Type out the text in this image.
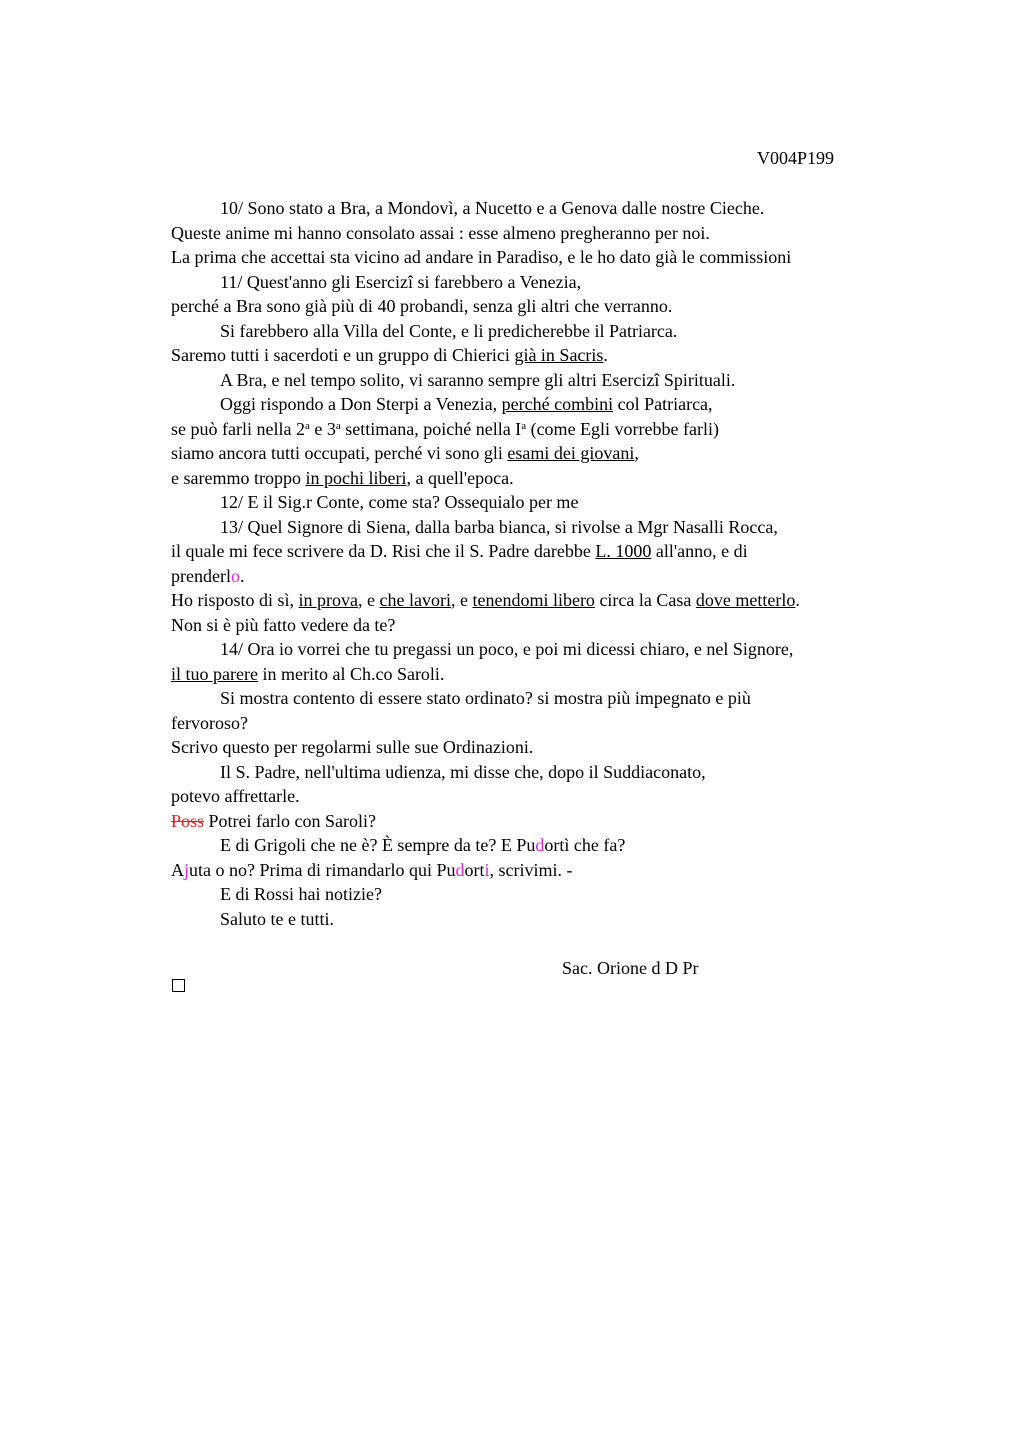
V004P199
10/ Sono stato a Bra, a Mondovì, a Nucetto e a Genova dalle nostre Cieche.
Queste anime mi hanno consolato assai : esse almeno pregheranno per noi.
La prima che accettai sta vicino ad andare in Paradiso, e le ho dato già le commissioni
11/ Quest'anno gli Esercizî si farebbero a Venezia,
perché a Bra sono già più di 40 probandi, senza gli altri che verranno.
Si farebbero alla Villa del Conte, e li predicherebbe il Patriarca.
Saremo tutti i sacerdoti e un gruppo di Chierici già in Sacris.
A Bra, e nel tempo solito, vi saranno sempre gli altri Esercizî Spirituali.
Oggi rispondo a Don Sterpi a Venezia, perché combini col Patriarca,
se può farli nella 2$^a$ e 3$^a$ settimana, poiché nella $I^a$ (come Egli vorrebbe farli)
siamo ancora tutti occupati, perché vi sono gli esami dei giovani,
e saremmo troppo in pochi liberi, a quell'epoca.
12/ E il Sig.r Conte, come sta? Ossequialo per me
13/ Quel Signore di Siena, dalla barba bianca, si rivolse a Mgr Nasalli Rocca,
il quale mi fece scrivere da D. Risi che il S. Padre darebbe L. 1000 all'anno, e di
prenderlo.
Ho risposto di sì, in prova, e che lavori, e tenendomi libero circa la Casa dove metterlo.
Non si è più fatto vedere da te?
14/ Ora io vorrei che tu pregassi un poco, e poi mi dicessi chiaro, e nel Signore,
il tuo parere in merito al Ch.co Saroli.
Si mostra contento di essere stato ordinato? si mostra più impegnato e più
fervoroso?
Scrivo questo per regolarmi sulle sue Ordinazioni.
Il S. Padre, nell'ultima udienza, mi disse che, dopo il Suddiaconato,
potevo affrettarle.
Poss Potrei farlo con Saroli?
E di Grigoli che ne è? È sempre da te? E Pudortì che fa?
Ajuta o no? Prima di rimandarlo qui Pudorti, scrivimi. -
E di Rossi hai notizie?
Saluto te e tutti.
Sac. Orione d D Pr
